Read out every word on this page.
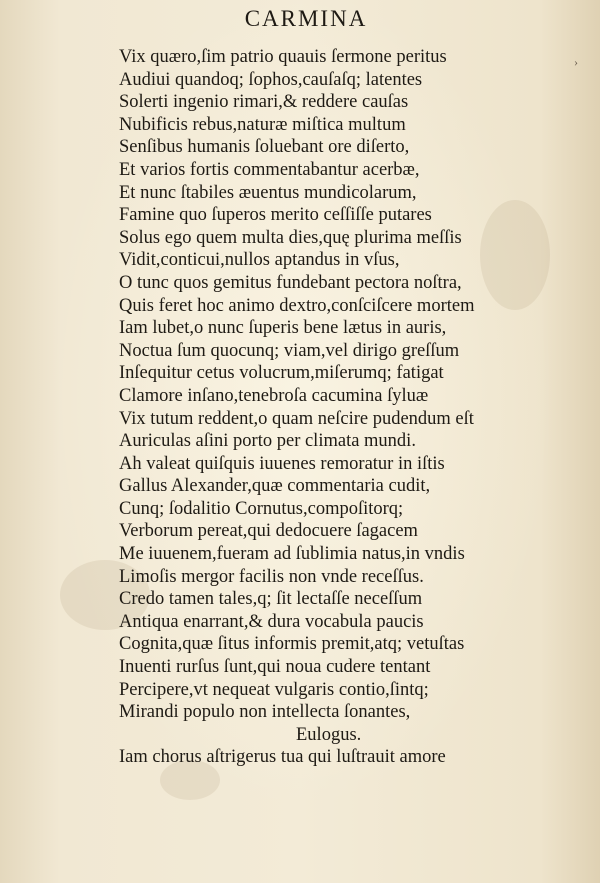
›
CARMINA
Vix quæro,ſim patrio quauis ſermone peritus
Audiui quandoq; ſophos,cauſaſq; latentes
Solerti ingenio rimari,& reddere cauſas
Nubificis rebus,naturæ miſtica multum
Senſibus humanis ſoluebant ore diſerto,
Et varios fortis commentabantur acerbæ,
Et nunc ſtabiles æuentus mundicolarum,
Famine quo ſuperos merito ceſſiſſe putares
Solus ego quem multa dies,quę plurima meſſis
Vidit,conticui,nullos aptandus in vſus,
O tunc quos gemitus fundebant pectora noſtra,
Quis feret hoc animo dextro,conſciſcere mortem
Iam lubet,o nunc ſuperis bene lætus in auris,
Noctua ſum quocunq; viam,vel dirigo greſſum
Inſequitur cetus volucrum,miſerumq; fatigat
Clamore inſano,tenebroſa cacumina ſyluæ
Vix tutum reddent,o quam neſcire pudendum eſt
Auriculas aſini porto per climata mundi.
Ah valeat quiſquis iuuenes remoratur in iſtis
Gallus Alexander,quæ commentaria cudit,
Cunq; ſodalitio Cornutus,compoſitorq;
Verborum pereat,qui dedocuere ſagacem
Me iuuenem,fueram ad ſublimia natus,in vndis
Limoſis mergor facilis non vnde receſſus.
Credo tamen tales,q; ſit lectaſſe neceſſum
Antiqua enarrant,& dura vocabula paucis
Cognita,quæ ſitus informis premit,atq; vetuſtas
Inuenti rurſus ſunt,qui noua cudere tentant
Percipere,vt nequeat vulgaris contio,ſintq;
Mirandi populo non intellecta ſonantes,
Eulogus.
Iam chorus aſtrigerus tua qui luſtrauit amore
